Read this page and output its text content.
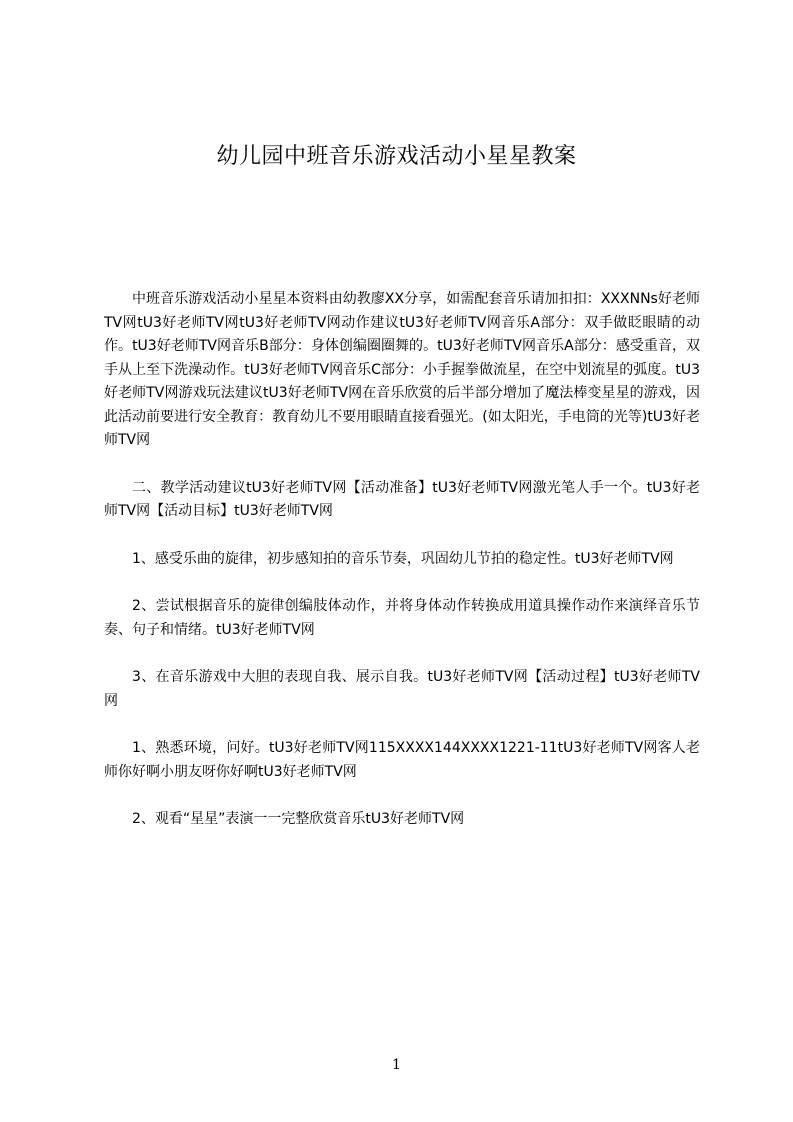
幼儿园中班音乐游戏活动小星星教案

中班音乐游戏活动小星星本资料由幼教廖XX分享，如需配套音乐请加扣扣：XXXNNs好老师TV网tU3好老师TV网tU3好老师TV网动作建议tU3好老师TV网音乐A部分：双手做眨眼睛的动作。tU3好老师TV网音乐B部分：身体创编圈圈舞的。tU3好老师TV网音乐A部分：感受重音，双手从上至下洗澡动作。tU3好老师TV网音乐C部分：小手握拳做流星，在空中划流星的弧度。tU3好老师TV网游戏玩法建议tU3好老师TV网在音乐欣赏的后半部分增加了魔法棒变星星的游戏，因此活动前要进行安全教育：教育幼儿不要用眼睛直接看强光。(如太阳光，手电筒的光等)tU3好老师TV网

二、教学活动建议tU3好老师TV网【活动准备】tU3好老师TV网激光笔人手一个。tU3好老师TV网【活动目标】tU3好老师TV网

1、感受乐曲的旋律，初步感知拍的音乐节奏，巩固幼儿节拍的稳定性。tU3好老师TV网

2、尝试根据音乐的旋律创编肢体动作，并将身体动作转换成用道具操作动作来演绎音乐节奏、句子和情绪。tU3好老师TV网

3、在音乐游戏中大胆的表现自我、展示自我。tU3好老师TV网【活动过程】tU3好老师TV网

1、熟悉环境，问好。tU3好老师TV网115XXXX144XXXX1221-11tU3好老师TV网客人老师你好啊小朋友呀你好啊tU3好老师TV网

2、观看“星星”表演一一完整欣赏音乐tU3好老师TV网

1
